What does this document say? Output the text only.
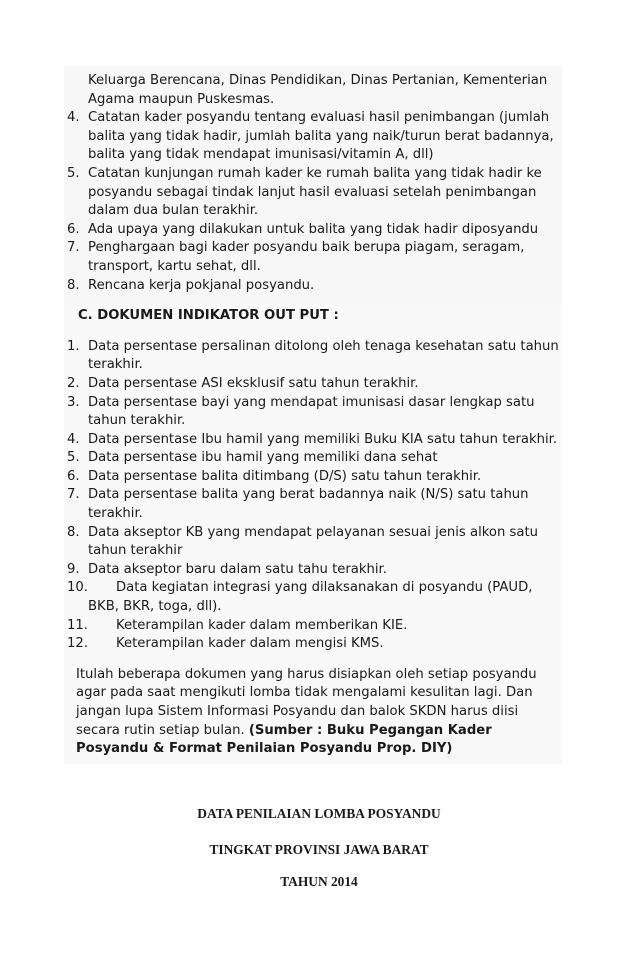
Keluarga Berencana, Dinas Pendidikan, Dinas Pertanian, Kementerian
Agama maupun Puskesmas.
4. Catatan kader posyandu tentang evaluasi hasil penimbangan (jumlah balita yang tidak hadir, jumlah balita yang naik/turun berat badannya, balita yang tidak mendapat imunisasi/vitamin A, dll)
5. Catatan kunjungan rumah kader ke rumah balita yang tidak hadir ke posyandu sebagai tindak lanjut hasil evaluasi setelah penimbangan dalam dua bulan terakhir.
6. Ada upaya yang dilakukan untuk balita yang tidak hadir diposyandu
7. Penghargaan bagi kader posyandu baik berupa piagam, seragam, transport, kartu sehat, dll.
8. Rencana kerja pokjanal posyandu.
C. DOKUMEN INDIKATOR OUT PUT :
1. Data persentase persalinan ditolong oleh tenaga kesehatan satu tahun terakhir.
2. Data persentase ASI eksklusif satu tahun terakhir.
3. Data persentase bayi yang mendapat imunisasi dasar lengkap satu tahun terakhir.
4. Data persentase Ibu hamil yang memiliki Buku KIA satu tahun terakhir.
5. Data persentase ibu hamil yang memiliki dana sehat
6. Data persentase balita ditimbang (D/S) satu tahun terakhir.
7. Data persentase balita yang berat badannya naik (N/S) satu tahun terakhir.
8. Data akseptor KB yang mendapat pelayanan sesuai jenis alkon satu tahun terakhir
9. Data akseptor baru dalam satu tahu terakhir.
10. Data kegiatan integrasi yang dilaksanakan di posyandu (PAUD, BKB, BKR, toga, dll).
11. Keterampilan kader dalam memberikan KIE.
12. Keterampilan kader dalam mengisi KMS.
Itulah beberapa dokumen yang harus disiapkan oleh setiap posyandu agar pada saat mengikuti lomba tidak mengalami kesulitan lagi. Dan jangan lupa Sistem Informasi Posyandu dan balok SKDN harus diisi secara rutin setiap bulan. (Sumber : Buku Pegangan Kader Posyandu & Format Penilaian Posyandu Prop. DIY)
DATA PENILAIAN LOMBA POSYANDU
TINGKAT PROVINSI JAWA BARAT
TAHUN 2014
